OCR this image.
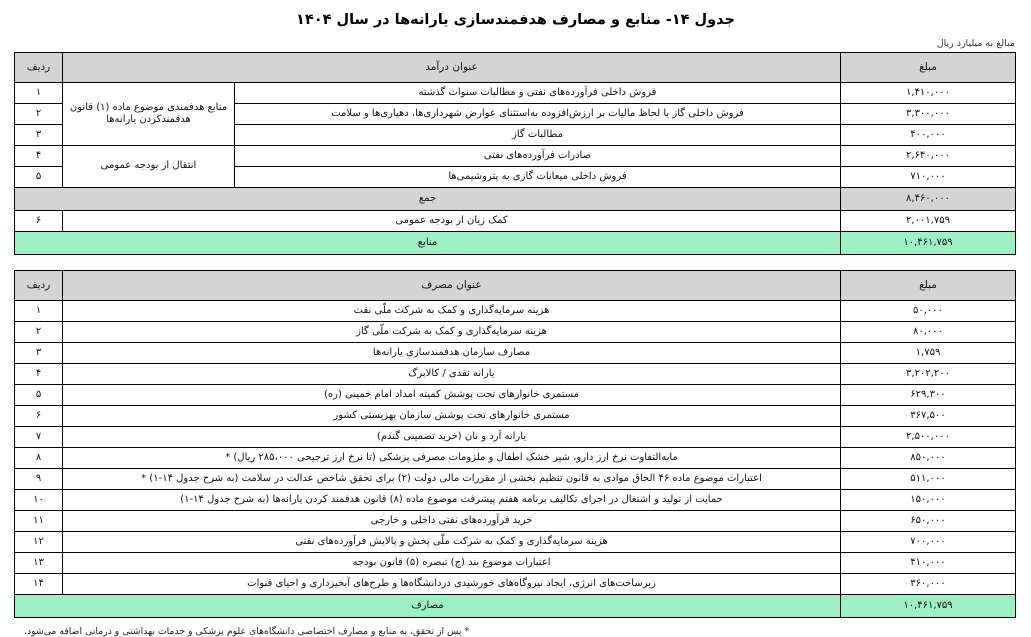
جدول ۱۴- منابع و مصارف هدفمندسازی یارانه‌ها در سال ۱۴۰۴
مبالغ به میلیارد ریال
مبلغ	عنوان درآمد		ردیف
۱,۴۱۰,۰۰۰	فروش داخلی فرآورده‌های نفتی و مطالبات سنوات گذشته	منابع هدفمندی موضوع ماده (۱) قانون هدفمندکردن یارانه‌ها	۱
۳,۳۰۰,۰۰۰	فروش داخلی گاز با لحاظ مالیات بر ارزش‌افزوده به‌استثنای عوارض شهرداری‌ها، دهیاری‌ها و سلامت		۲
۴۰۰,۰۰۰	مطالبات گاز		۳
۲,۶۴۰,۰۰۰	صادرات فرآورده‌های نفتی	انتقال از بودجه عمومی	۴
۷۱۰,۰۰۰	فروش داخلی میعانات گازی به پتروشیمی‌ها		۵
۸,۴۶۰,۰۰۰	جمع		
۲,۰۰۱,۷۵۹	کمک زیان از بودجه عمومی		۶
۱۰,۴۶۱,۷۵۹	منابع		
مبلغ	عنوان مصرف	ردیف
۵۰,۰۰۰	هزینه سرمایه‌گذاری و کمک به شرکت ملّی نفت	۱
۸۰,۰۰۰	هزینه سرمایه‌گذاری و کمک به شرکت ملّی گاز	۲
۱,۷۵۹	مصارف سازمان هدفمندسازی یارانه‌ها	۳
۳,۲۰۲,۲۰۰	یارانه نقدی / کالابرگ	۴
۶۲۹,۳۰۰	مستمری خانوارهای تحت پوشش کمیته امداد امام خمینی (ره)	۵
۳۶۷,۵۰۰	مستمری خانوارهای تحت پوشش سازمان بهزیستی کشور	۶
۲,۵۰۰,۰۰۰	یارانه آرد و نان (خرید تضمینی گندم)	۷
۸۵۰,۰۰۰	مابه‌التفاوت نرخ ارز دارو، شیر خشک اطفال و ملزومات مصرفی پزشکی (تا نرخ ارز ترجیحی ۲۸۵،۰۰۰ ریال) *	۸
۵۱۱,۰۰۰	اعتبارات موضوع ماده ۴۶ الحاق موادی به قانون تنظیم بخشی از مقررات مالی دولت (۲) برای تحقق شاخص عدالت در سلامت (به شرح جدول ۱۴-۱) *	۹
۱۵۰,۰۰۰	حمایت از تولید و اشتغال در اجرای تکالیف برنامه هفتم پیشرفت موضوع ماده (۸) قانون هدفمند کردن یارانه‌ها (به شرح جدول ۱۴-۱)	۱۰
۶۵۰,۰۰۰	خرید فرآورده‌های نفتی داخلی و خارجی	۱۱
۷۰۰,۰۰۰	هزینه سرمایه‌گذاری و کمک به شرکت ملّی پخش و پالایش فرآورده‌های نفتی	۱۲
۴۱۰,۰۰۰	اعتبارات موضوع بند (چ) تبصره (۵) قانون بودجه	۱۳
۳۶۰,۰۰۰	زیرساخت‌های انرژی، ایجاد نیروگاه‌های خورشیدی دردانشگاه‌ها و طرح‌های آبخیزداری و احیای قنوات	۱۴
۱۰,۴۶۱,۷۵۹	مصارف	
* پس از تحقق، به منابع و مصارف اختصاصی دانشگاه‌های علوم پزشکی و خدمات بهداشتی و درمانی اضافه می‌شود.
